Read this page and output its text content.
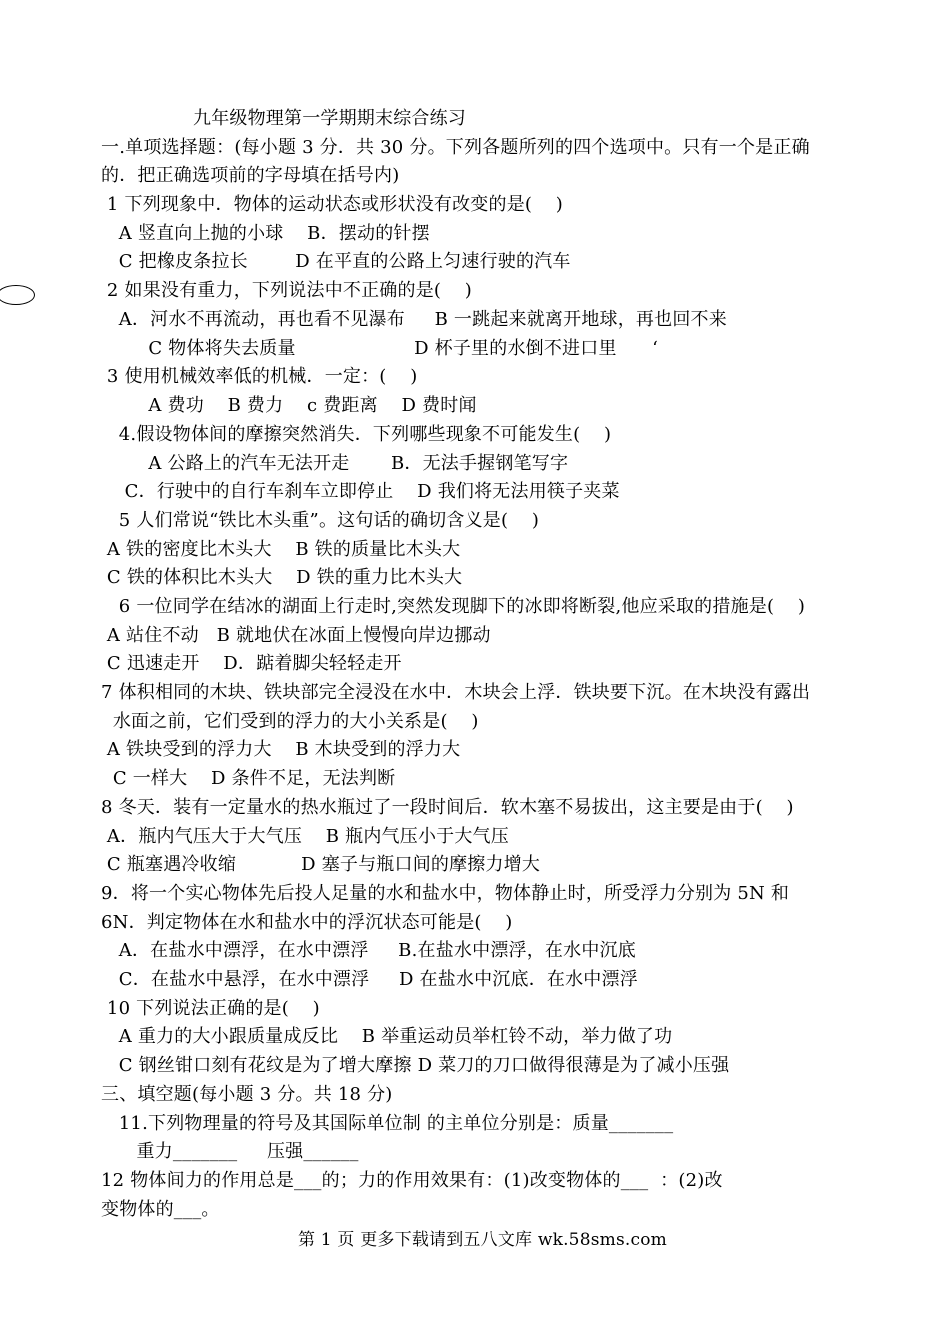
九年级物理第一学期期末综合练习
一.单项选择题：(每小题 3 分．共 30 分。下列各题所列的四个选项中。只有一个是正确
的．把正确选项前的字母填在括号内)
1 下列现象中．物体的运动状态或形状没有改变的是(    )
A 竖直向上抛的小球    B．摆动的针摆
C 把橡皮条拉长        D 在平直的公路上匀速行驶的汽车
2 如果没有重力，下列说法中不正确的是(    )
A．河水不再流动，再也看不见瀑布     B 一跳起来就离开地球，再也回不来
C 物体将失去质量                    D 杯子里的水倒不进口里      ‘
3 使用机械效率低的机械．一定：(    )
A 费功    B 费力    c 费距离    D 费时闻
4.假设物体间的摩擦突然消失．下列哪些现象不可能发生(    )
A 公路上的汽车无法开走       B．无法手握钢笔写字
C．行驶中的自行车刹车立即停止    D 我们将无法用筷子夹菜
5 人们常说“铁比木头重”。这句话的确切含义是(    )
A 铁的密度比木头大    B 铁的质量比木头大
C 铁的体积比木头大    D 铁的重力比木头大
6 一位同学在结冰的湖面上行走时,突然发现脚下的冰即将断裂,他应采取的措施是(    )
A 站住不动   B 就地伏在冰面上慢慢向岸边挪动
C 迅速走开    D．踮着脚尖轻轻走开
7 体积相同的木块、铁块部完全浸没在水中．木块会上浮．铁块要下沉。在木块没有露出
水面之前，它们受到的浮力的大小关系是(    )
A 铁块受到的浮力大    B 木块受到的浮力大
C 一样大    D 条件不足，无法判断
8 冬天．装有一定量水的热水瓶过了一段时间后．软木塞不易拔出，这主要是由于(    )
A．瓶内气压大于大气压    B 瓶内气压小于大气压
C 瓶塞遇冷收缩           D 塞子与瓶口间的摩擦力增大
9．将一个实心物体先后投人足量的水和盐水中，物体静止时，所受浮力分别为 5N 和
6N．判定物体在水和盐水中的浮沉状态可能是(    )
A．在盐水中漂浮，在水中漂浮     B.在盐水中漂浮，在水中沉底
C．在盐水中悬浮，在水中漂浮     D 在盐水中沉底．在水中漂浮
10 下列说法正确的是(    )
A 重力的大小跟质量成反比    B 举重运动员举杠铃不动，举力做了功
C 钢丝钳口刻有花纹是为了增大摩擦 D 菜刀的刀口做得很薄是为了减小压强
三、填空题(每小题 3 分。共 18 分)
11.下列物理量的符号及其国际单位制 的主单位分别是：质量_______
重力_______     压强______
12 物体间力的作用总是___的；力的作用效果有：(1)改变物体的___  ：(2)改
变物体的___。
第 1 页 更多下载请到五八文库 wk.58sms.com
